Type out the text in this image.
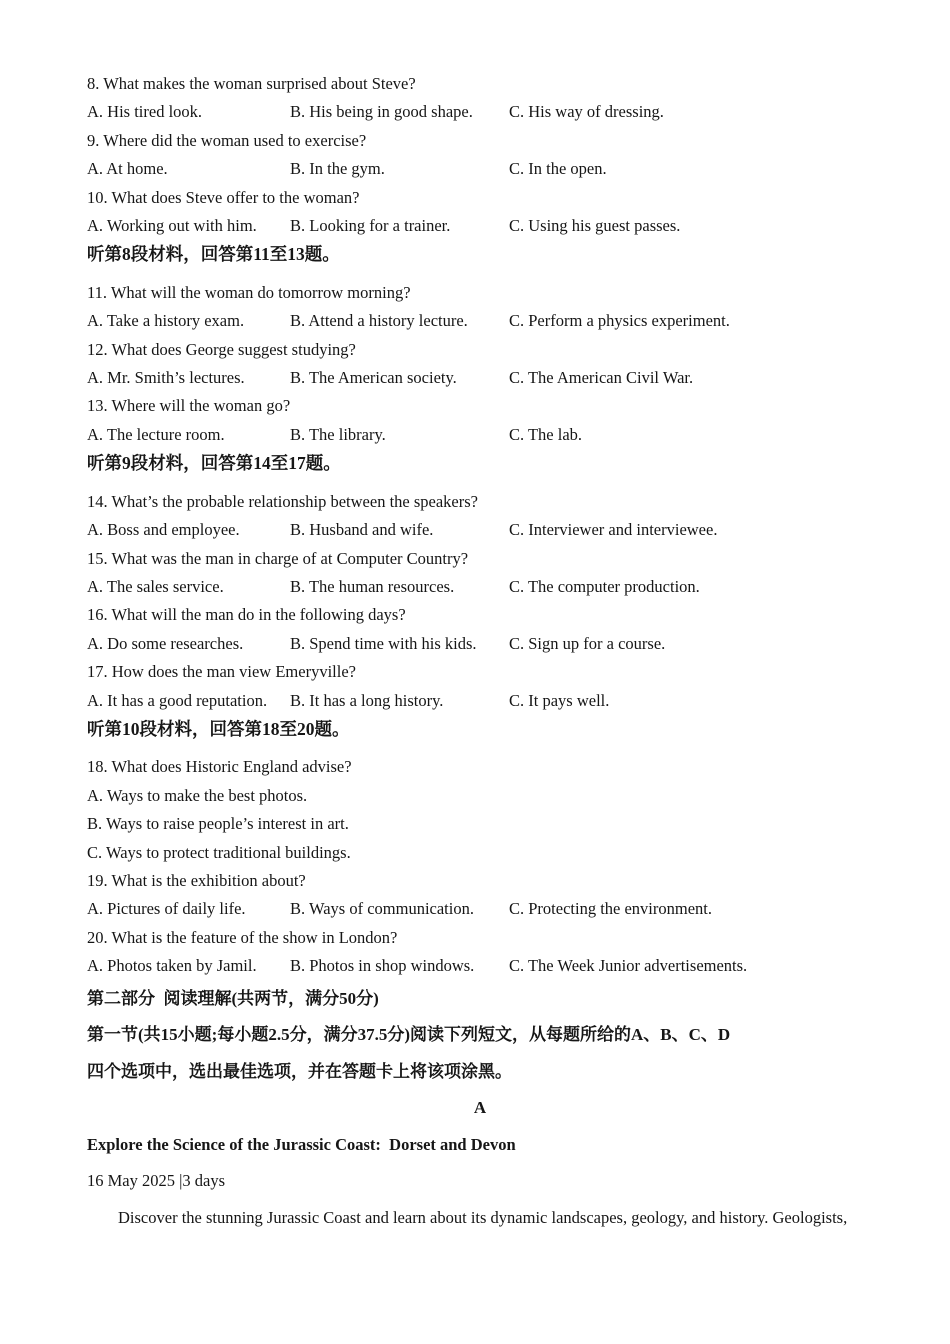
8. What makes the woman surprised about Steve?

A. His tired look.	B. His being in good shape.	C. His way of dressing.

9. Where did the woman used to exercise?

A. At home.	B. In the gym.	C. In the open.

10. What does Steve offer to the woman?

A. Working out with him.	B. Looking for a trainer.	C. Using his guest passes.

听第8段材料，回答第11至13题。

11. What will the woman do tomorrow morning?

A. Take a history exam.	B. Attend a history lecture.	C. Perform a physics experiment.

12. What does George suggest studying?

A. Mr. Smith’s lectures.	B. The American society.	C. The American Civil War.

13. Where will the woman go?

A. The lecture room.	B. The library.	C. The lab.

听第9段材料，回答第14至17题。

14. What’s the probable relationship between the speakers?

A. Boss and employee.	B. Husband and wife.	C. Interviewer and interviewee.

15. What was the man in charge of at Computer Country?

A. The sales service.	B. The human resources.	C. The computer production.

16. What will the man do in the following days?

A. Do some researches.	B. Spend time with his kids.	C. Sign up for a course.

17. How does the man view Emeryville?

A. It has a good reputation.	B. It has a long history.	C. It pays well.

听第10段材料，回答第18至20题。

18. What does Historic England advise?

A. Ways to make the best photos.

B. Ways to raise people’s interest in art.

C. Ways to protect traditional buildings.

19. What is the exhibition about?

A. Pictures of daily life.	B. Ways of communication.	C. Protecting the environment.

20. What is the feature of the show in London?

A. Photos taken by Jamil.	B. Photos in shop windows.	C. The Week Junior advertisements.

第二部分  阅读理解(共两节，满分50分)

第一节(共15小题;每小题2.5分，满分37.5分)阅读下列短文，从每题所给的A、B、C、D

四个选项中，选出最佳选项，并在答题卡上将该项涂黑。

A

Explore the Science of the Jurassic Coast:  Dorset and Devon

16 May 2025 |3 days

Discover the stunning Jurassic Coast and learn about its dynamic landscapes, geology, and history. Geologists,
